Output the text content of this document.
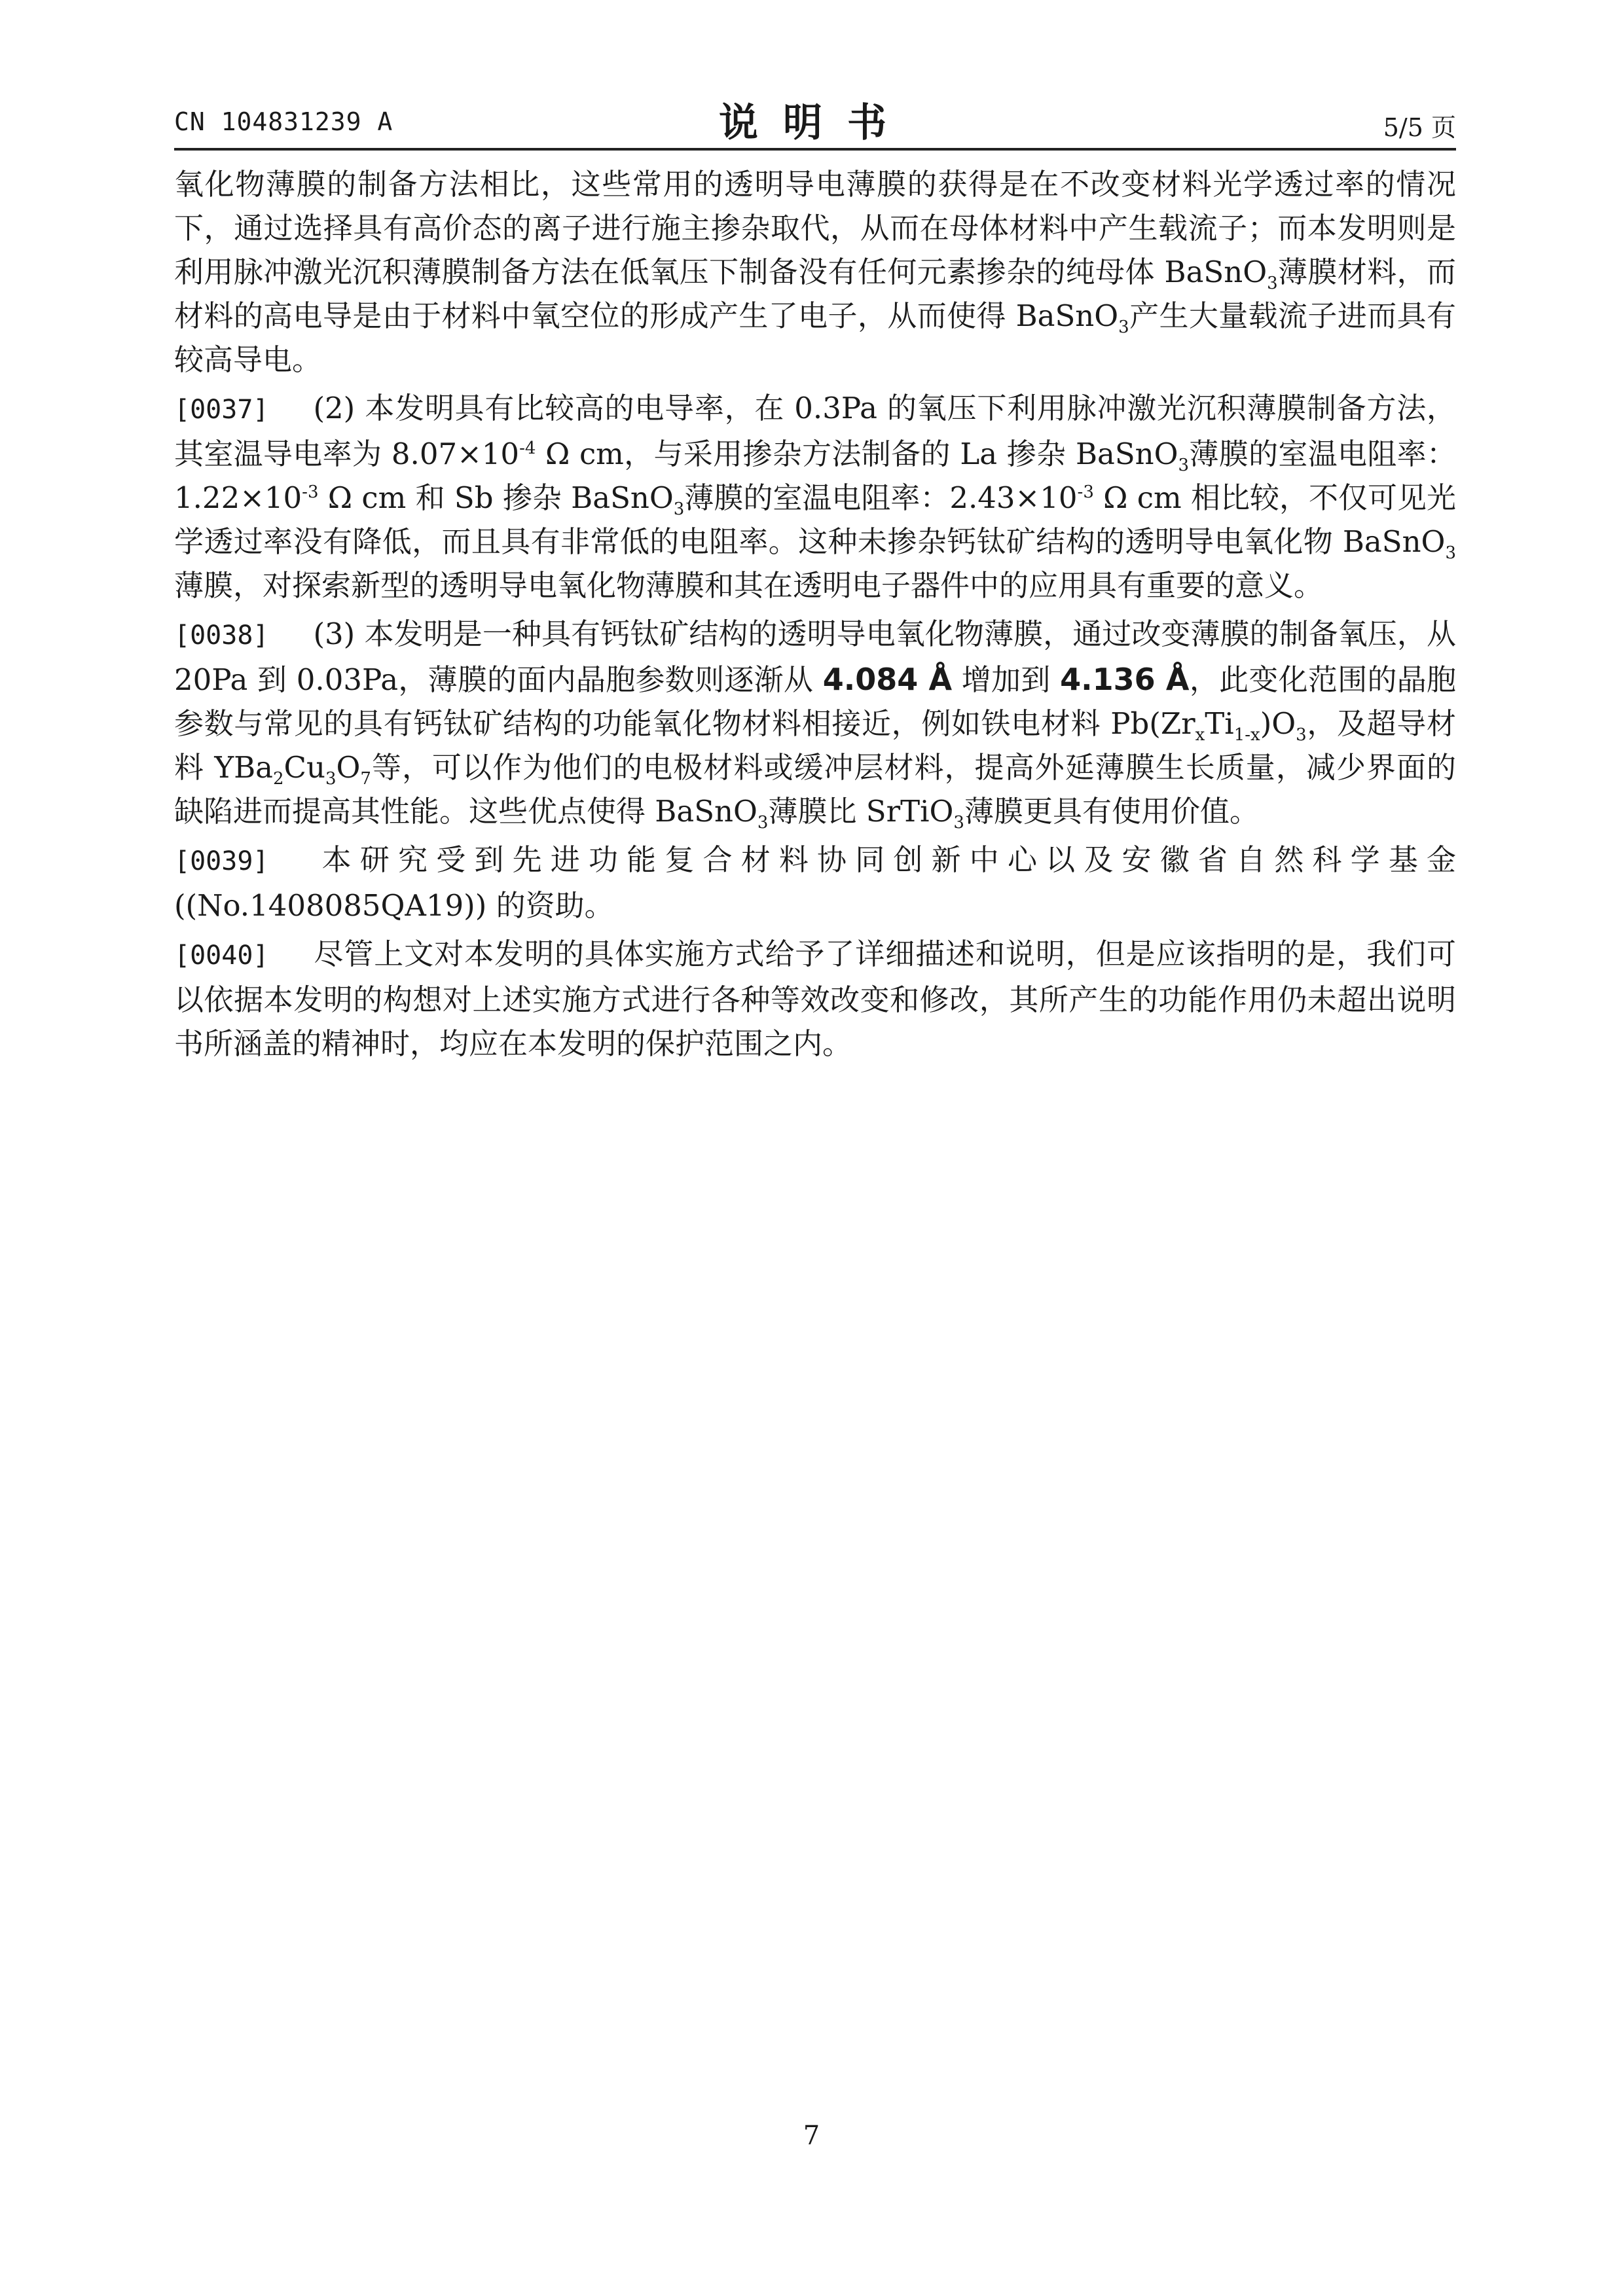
CN 104831239 A	说明书	5/5 页

氧化物薄膜的制备方法相比，这些常用的透明导电薄膜的获得是在不改变材料光学透过率的情况下，通过选择具有高价态的离子进行施主掺杂取代，从而在母体材料中产生载流子；而本发明则是利用脉冲激光沉积薄膜制备方法在低氧压下制备没有任何元素掺杂的纯母体 BaSnO$_3$薄膜材料，而材料的高电导是由于材料中氧空位的形成产生了电子，从而使得 BaSnO$_3$产生大量载流子进而具有较高导电。

[0037] (2) 本发明具有比较高的电导率，在 0.3Pa 的氧压下利用脉冲激光沉积薄膜制备方法，其室温导电率为 $8.07\times 10^{-4}$ Ω cm，与采用掺杂方法制备的 La 掺杂 BaSnO$_3$薄膜的室温电阻率：$1.22\times 10^{-3}$ Ω cm 和 Sb 掺杂 BaSnO$_3$薄膜的室温电阻率：$2.43\times 10^{-3}$ Ω cm 相比较，不仅可见光学透过率没有降低，而且具有非常低的电阻率。这种未掺杂钙钛矿结构的透明导电氧化物 BaSnO$_3$薄膜，对探索新型的透明导电氧化物薄膜和其在透明电子器件中的应用具有重要的意义。

[0038] (3) 本发明是一种具有钙钛矿结构的透明导电氧化物薄膜，通过改变薄膜的制备氧压，从 20Pa 到 0.03Pa，薄膜的面内晶胞参数则逐渐从 4.084 Å 增加到 4.136 Å，此变化范围的晶胞参数与常见的具有钙钛矿结构的功能氧化物材料相接近，例如铁电材料 $Pb(Zr_xTi_{1-x})O_3$，及超导材料 $YBa_2Cu_3O_7$等，可以作为他们的电极材料或缓冲层材料，提高外延薄膜生长质量，减少界面的缺陷进而提高其性能。这些优点使得 BaSnO$_3$薄膜比 SrTiO$_3$薄膜更具有使用价值。

[0039] 本研究受到先进功能复合材料协同创新中心以及安徽省自然科学基金 ((No.1408085QA19)) 的资助。

[0040] 尽管上文对本发明的具体实施方式给予了详细描述和说明，但是应该指明的是，我们可以依据本发明的构想对上述实施方式进行各种等效改变和修改，其所产生的功能作用仍未超出说明书所涵盖的精神时，均应在本发明的保护范围之内。

7
